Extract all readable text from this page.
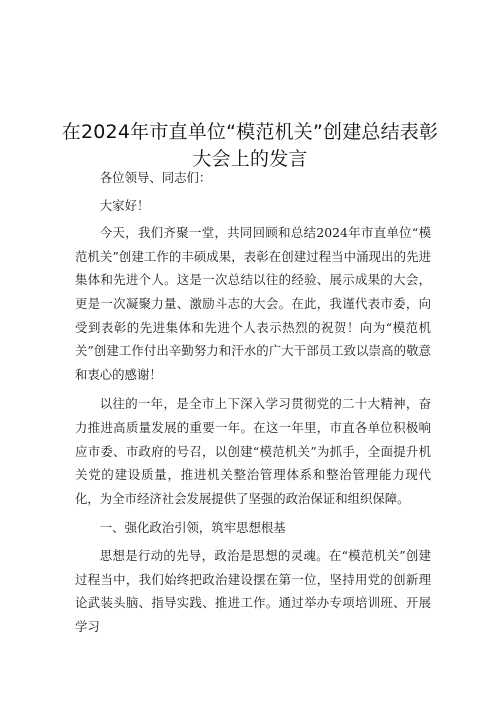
在2024年市直单位“模范机关”创建总结表彰
大会上的发言

各位领导、同志们：

大家好！

今天，我们齐聚一堂，共同回顾和总结2024年市直单位“模范机关”创建工作的丰硕成果，表彰在创建过程当中涌现出的先进集体和先进个人。这是一次总结以往的经验、展示成果的大会，更是一次凝聚力量、激励斗志的大会。在此，我谨代表市委，向受到表彰的先进集体和先进个人表示热烈的祝贺！向为“模范机关”创建工作付出辛勤努力和汗水的广大干部员工致以崇高的敬意和衷心的感谢！

以往的一年，是全市上下深入学习贯彻党的二十大精神，奋力推进高质量发展的重要一年。在这一年里，市直各单位积极响应市委、市政府的号召，以创建“模范机关”为抓手，全面提升机关党的建设质量，推进机关整治管理体系和整治管理能力现代化，为全市经济社会发展提供了坚强的政治保证和组织保障。

一、强化政治引领，筑牢思想根基

思想是行动的先导，政治是思想的灵魂。在“模范机关”创建过程当中，我们始终把政治建设摆在第一位，坚持用党的创新理论武装头脑、指导实践、推进工作。通过举办专项培训班、开展学习
